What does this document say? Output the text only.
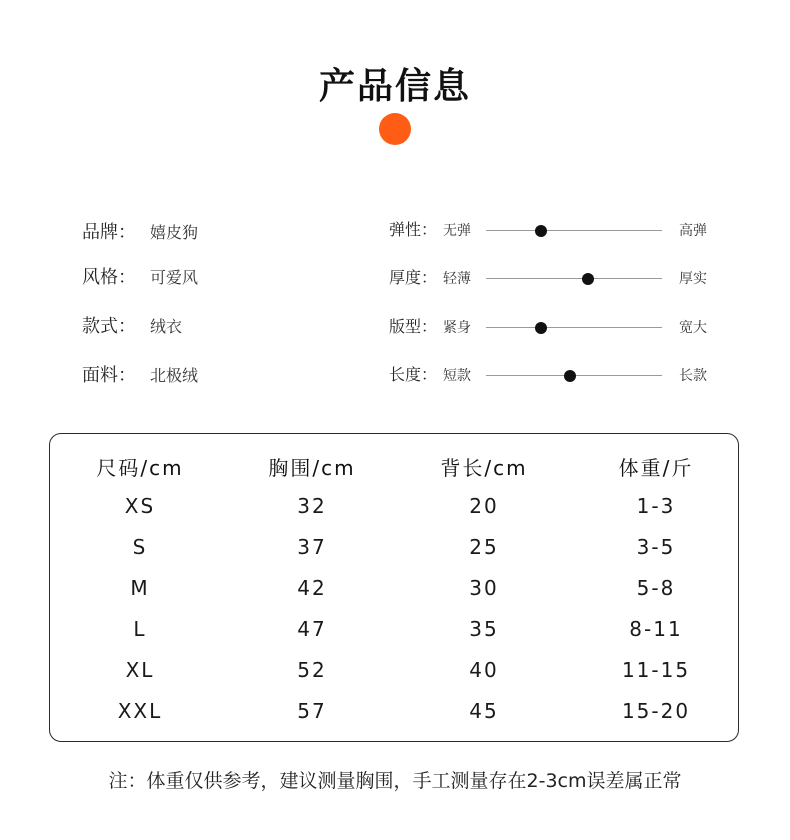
产品信息
品牌： 嬉皮狗
风格： 可爱风
款式： 绒衣
面料： 北极绒
弹性： 无弹	高弹
厚度： 轻薄	厚实
版型： 紧身	宽大
长度： 短款	长款
尺码/cm	胸围/cm	背长/cm	体重/斤
XS	32	20	1-3
S	37	25	3-5
M	42	30	5-8
L	47	35	8-11
XL	52	40	11-15
XXL	57	45	15-20
注：体重仅供参考，建议测量胸围，手工测量存在2-3cm误差属正常
